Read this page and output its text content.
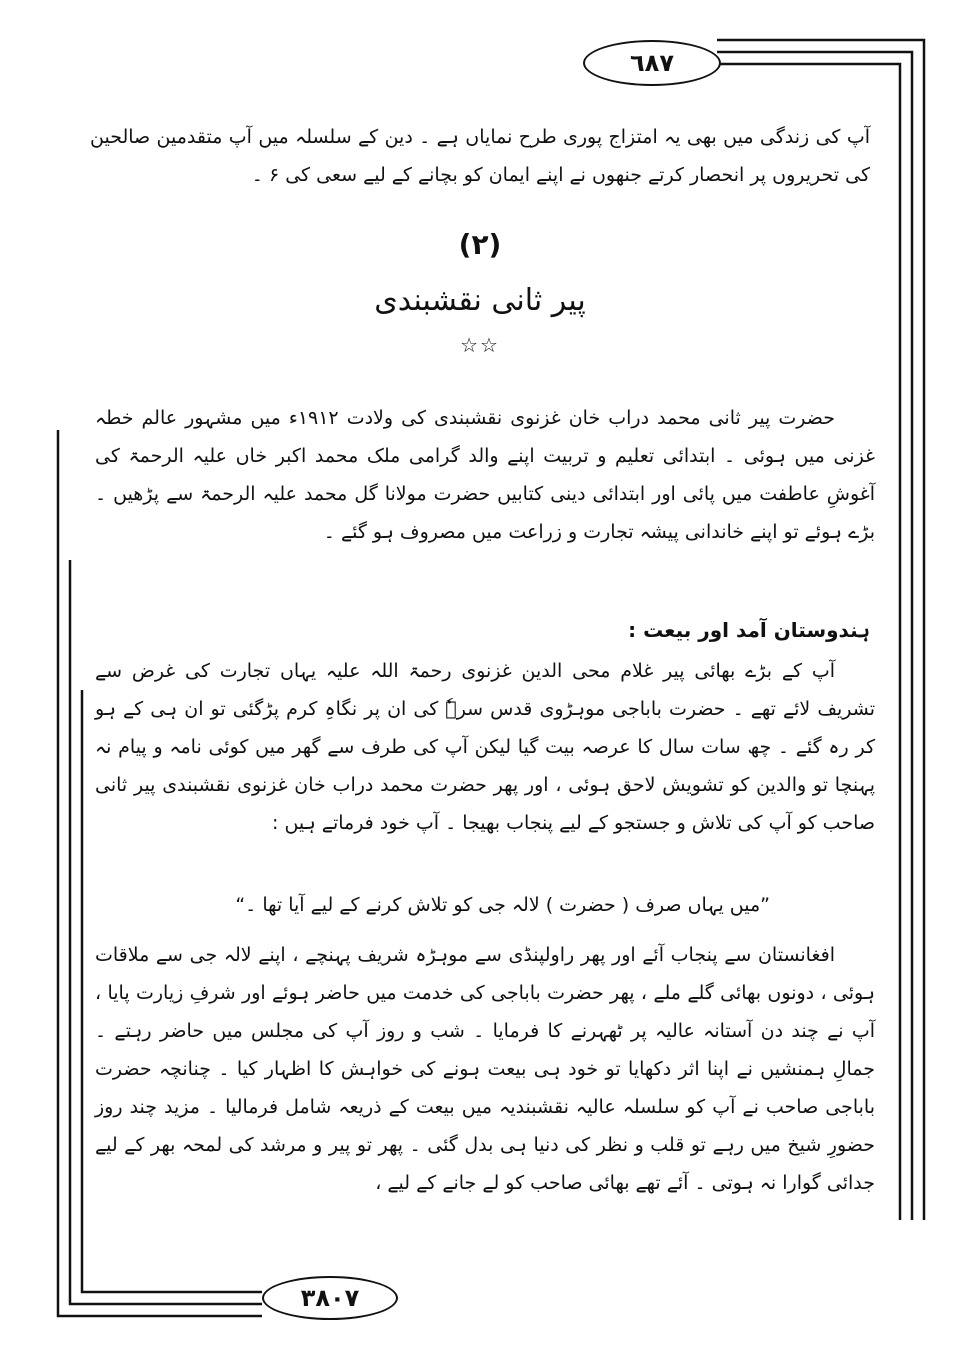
٦٨٧

آپ کی زندگی میں بھی یہ امتزاج پوری طرح نمایاں ہے ۔ دین کے سلسلہ میں آپ متقدمین صالحین کی تحریروں پر انحصار کرتے جنھوں نے اپنے ایمان کو بچانے کے لیے سعی کی ۶ ۔

(۲)
پیر ثانی نقشبندی
☆☆

حضرت پیر ثانی محمد دراب خان غزنوی نقشبندی کی ولادت ۱۹۱۲ء میں مشہور عالم خطہ غزنی میں ہوئی ۔ ابتدائی تعلیم و تربیت اپنے والد گرامی ملک محمد اکبر خاں علیہ الرحمۃ کی آغوشِ عاطفت میں پائی اور ابتدائی دینی کتابیں حضرت مولانا گل محمد علیہ الرحمۃ سے پڑھیں ۔ بڑے ہوئے تو اپنے خاندانی پیشہ تجارت و زراعت میں مصروف ہو گئے ۔

ہندوستان آمد اور بیعت :

آپ کے بڑے بھائی پیر غلام محی الدین غزنوی رحمۃ اللہ علیہ یہاں تجارت کی غرض سے تشریف لائے تھے ۔ حضرت باباجی موہڑوی قدس سرہٗ کی ان پر نگاہِ کرم پڑگئی تو ان ہی کے ہو کر رہ گئے ۔ چھ سات سال کا عرصہ بیت گیا لیکن آپ کی طرف سے گھر میں کوئی نامہ و پیام نہ پہنچا تو والدین کو تشویش لاحق ہوئی ، اور پھر حضرت محمد دراب خان غزنوی نقشبندی پیر ثانی صاحب کو آپ کی تلاش و جستجو کے لیے پنجاب بھیجا ۔ آپ خود فرماتے ہیں :

”میں یہاں صرف ( حضرت ) لالہ جی کو تلاش کرنے کے لیے آیا تھا ۔“

افغانستان سے پنجاب آئے اور پھر راولپنڈی سے موہڑہ شریف پہنچے ، اپنے لالہ جی سے ملاقات ہوئی ، دونوں بھائی گلے ملے ، پھر حضرت باباجی کی خدمت میں حاضر ہوئے اور شرفِ زیارت پایا ، آپ نے چند دن آستانہ عالیہ پر ٹھہرنے کا فرمایا ۔ شب و روز آپ کی مجلس میں حاضر رہتے ۔ جمالِ ہمنشیں نے اپنا اثر دکھایا تو خود ہی بیعت ہونے کی خواہش کا اظہار کیا ۔ چنانچہ حضرت باباجی صاحب نے آپ کو سلسلہ عالیہ نقشبندیہ میں بیعت کے ذریعہ شامل فرمالیا ۔ مزید چند روز حضورِ شیخ میں رہے تو قلب و نظر کی دنیا ہی بدل گئی ۔ پھر تو پیر و مرشد کی لمحہ بھر کے لیے جدائی گوارا نہ ہوتی ۔ آئے تھے بھائی صاحب کو لے جانے کے لیے ،

٣٨٠٧
